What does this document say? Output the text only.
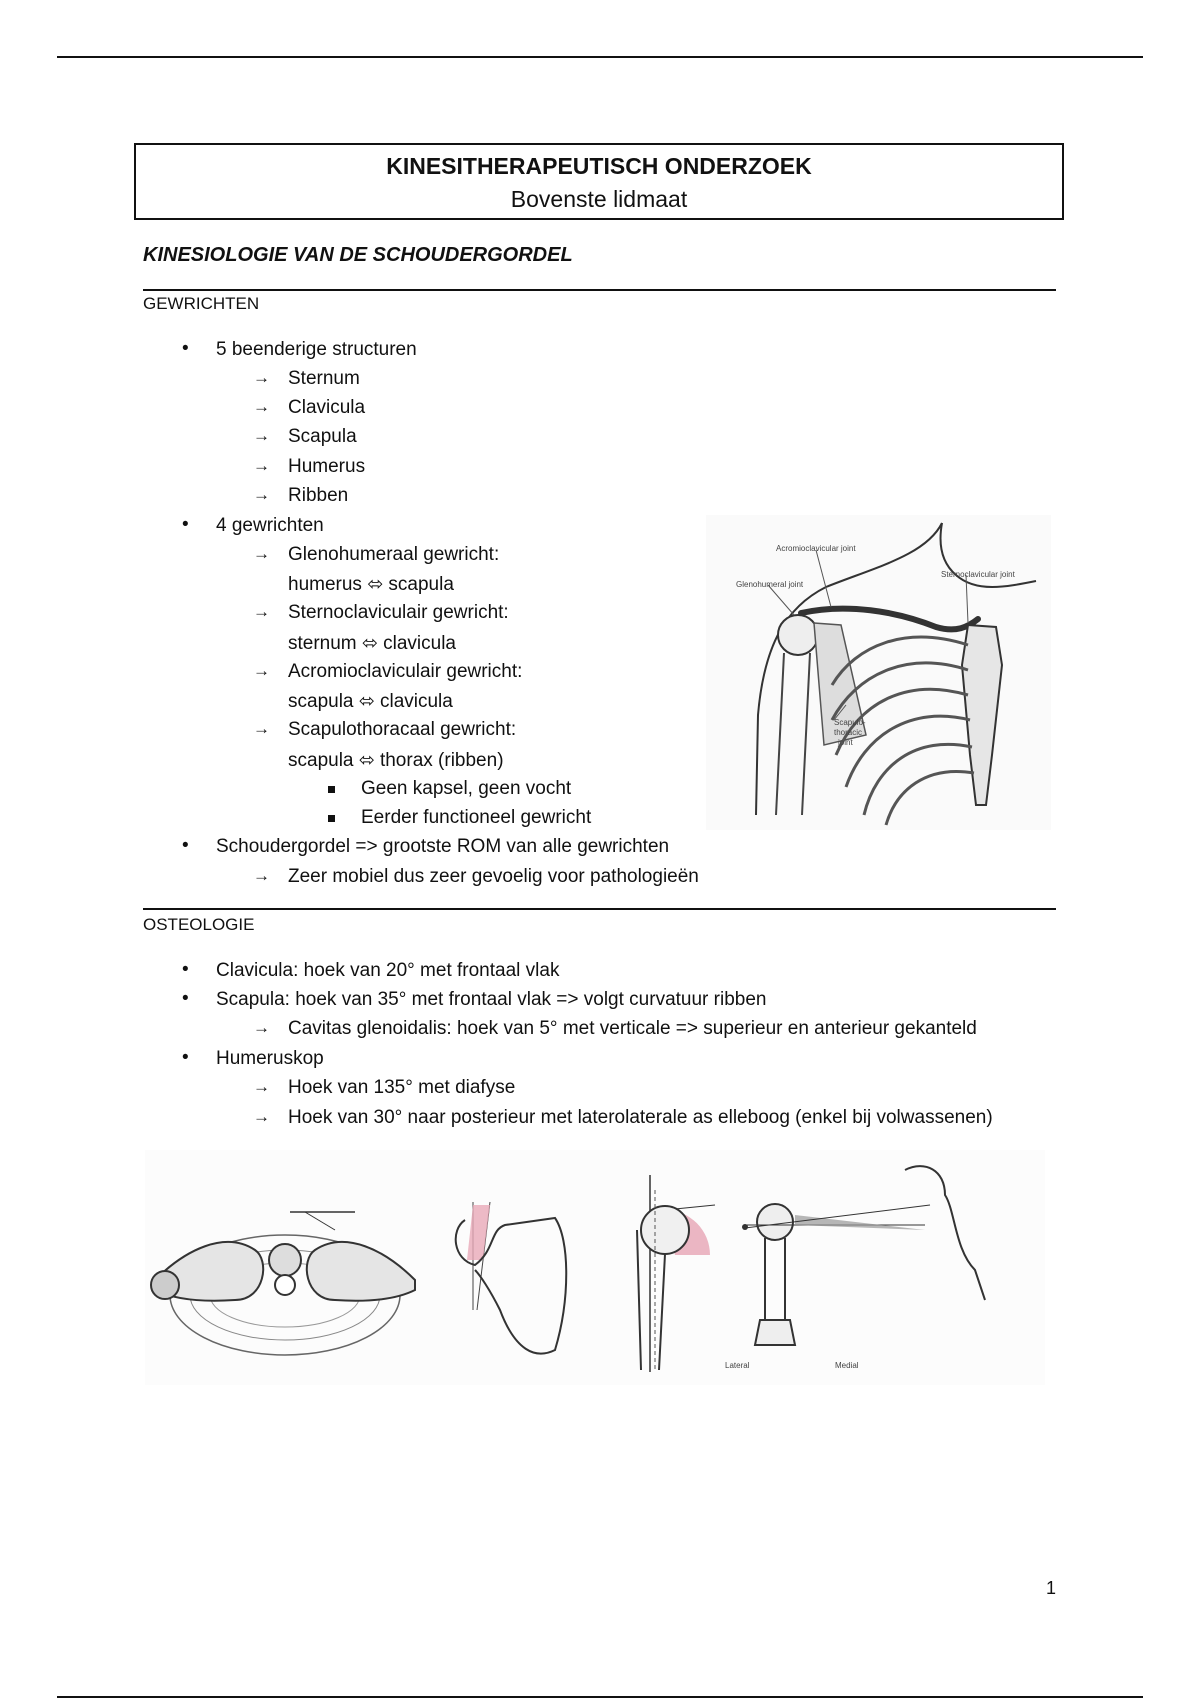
KINESITHERAPEUTISCH ONDERZOEK
Bovenste lidmaat
KINESIOLOGIE VAN DE SCHOUDERGORDEL
GEWRICHTEN
• 5 beenderige structuren
→ Sternum
→ Clavicula
→ Scapula
→ Humerus
→ Ribben
• 4 gewrichten
→ Glenohumeraal gewricht:
humerus ⬄ scapula
→ Sternoclaviculair gewricht:
sternum ⬄ clavicula
→ Acromioclaviculair gewricht:
scapula ⬄ clavicula
→ Scapulothoracaal gewricht:
scapula ⬄ thorax (ribben)
Geen kapsel, geen vocht
Eerder functioneel gewricht
• Schoudergordel => grootste ROM van alle gewrichten
→ Zeer mobiel dus zeer gevoelig voor pathologieën
Acromioclavicular joint
Glenohumeral joint
Sternoclavicular joint
Scapulo-
thoracic
joint
OSTEOLOGIE
• Clavicula: hoek van 20° met frontaal vlak
• Scapula: hoek van 35° met frontaal vlak => volgt curvatuur ribben
→ Cavitas glenoidalis: hoek van 5° met verticale => superieur en anterieur gekanteld
• Humeruskop
→ Hoek van 135° met diafyse
→ Hoek van 30° naar posterieur met laterolaterale as elleboog (enkel bij volwassenen)
Lateral	Medial
1
